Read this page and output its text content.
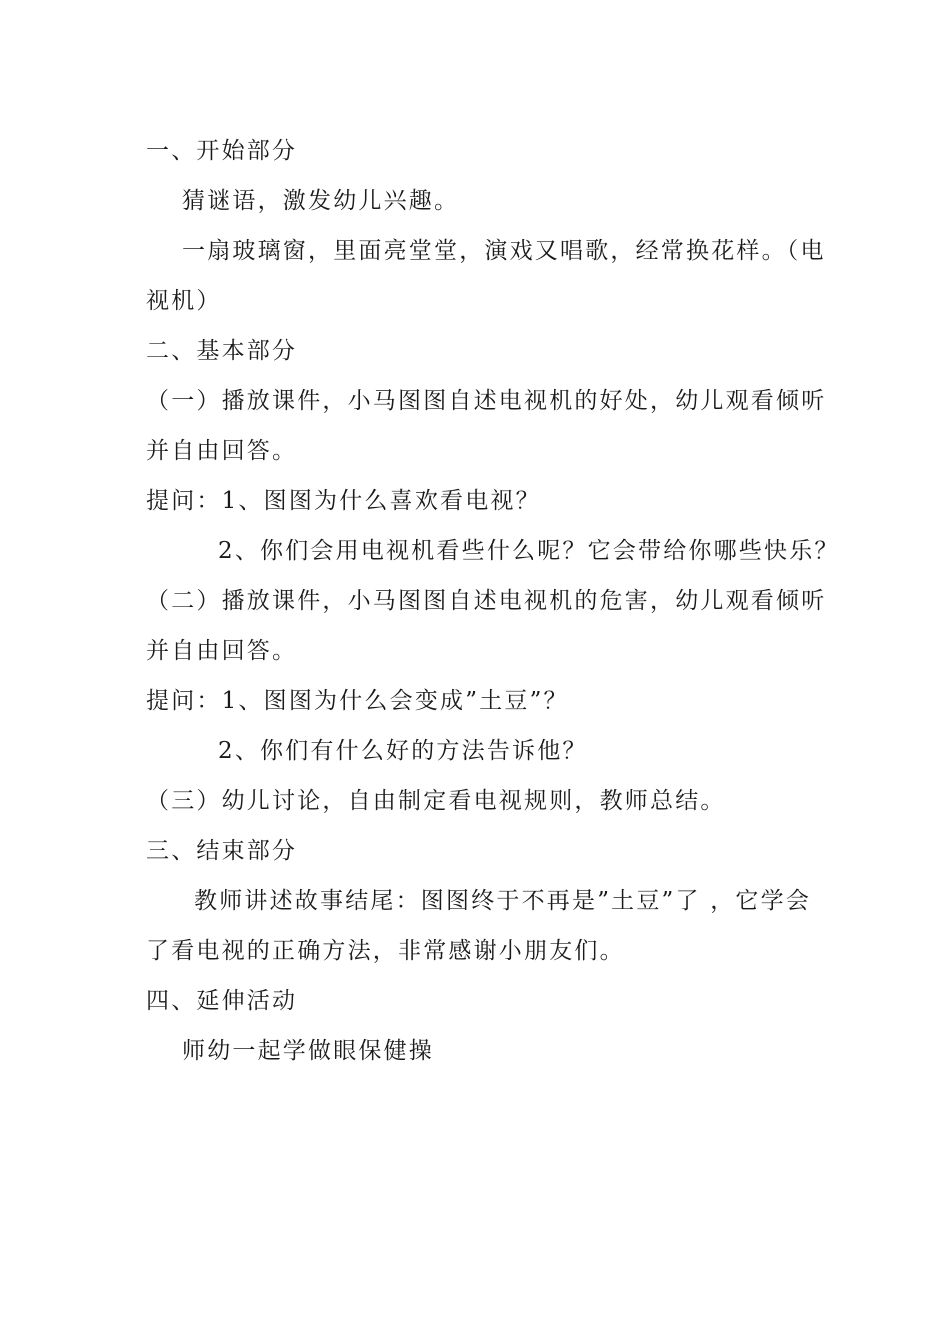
一、开始部分
猜谜语，激发幼儿兴趣。
一扇玻璃窗，里面亮堂堂，演戏又唱歌，经常换花样。（电
视机）
二、基本部分
（一）播放课件，小马图图自述电视机的好处，幼儿观看倾听
并自由回答。
提问：1、图图为什么喜欢看电视？
2、你们会用电视机看些什么呢？它会带给你哪些快乐？
（二）播放课件，小马图图自述电视机的危害，幼儿观看倾听
并自由回答。
提问：1、图图为什么会变成”土豆”？
2、你们有什么好的方法告诉他？
（三）幼儿讨论，自由制定看电视规则，教师总结。
三、结束部分
教师讲述故事结尾：图图终于不再是”土豆”了 ，它学会
了看电视的正确方法，非常感谢小朋友们。
四、延伸活动
师幼一起学做眼保健操
